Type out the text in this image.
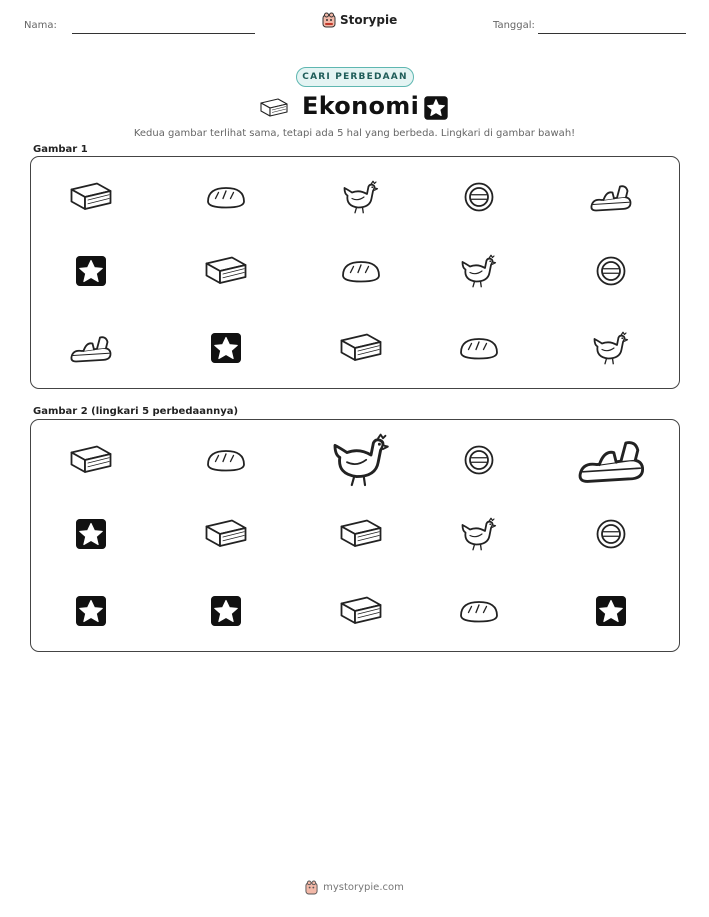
Nama:	Storypie	Tanggal:
CARI PERBEDAAN
Ekonomi
Kedua gambar terlihat sama, tetapi ada 5 hal yang berbeda. Lingkari di gambar bawah!
Gambar 1
Gambar 2 (lingkari 5 perbedaannya)
mystorypie.com
